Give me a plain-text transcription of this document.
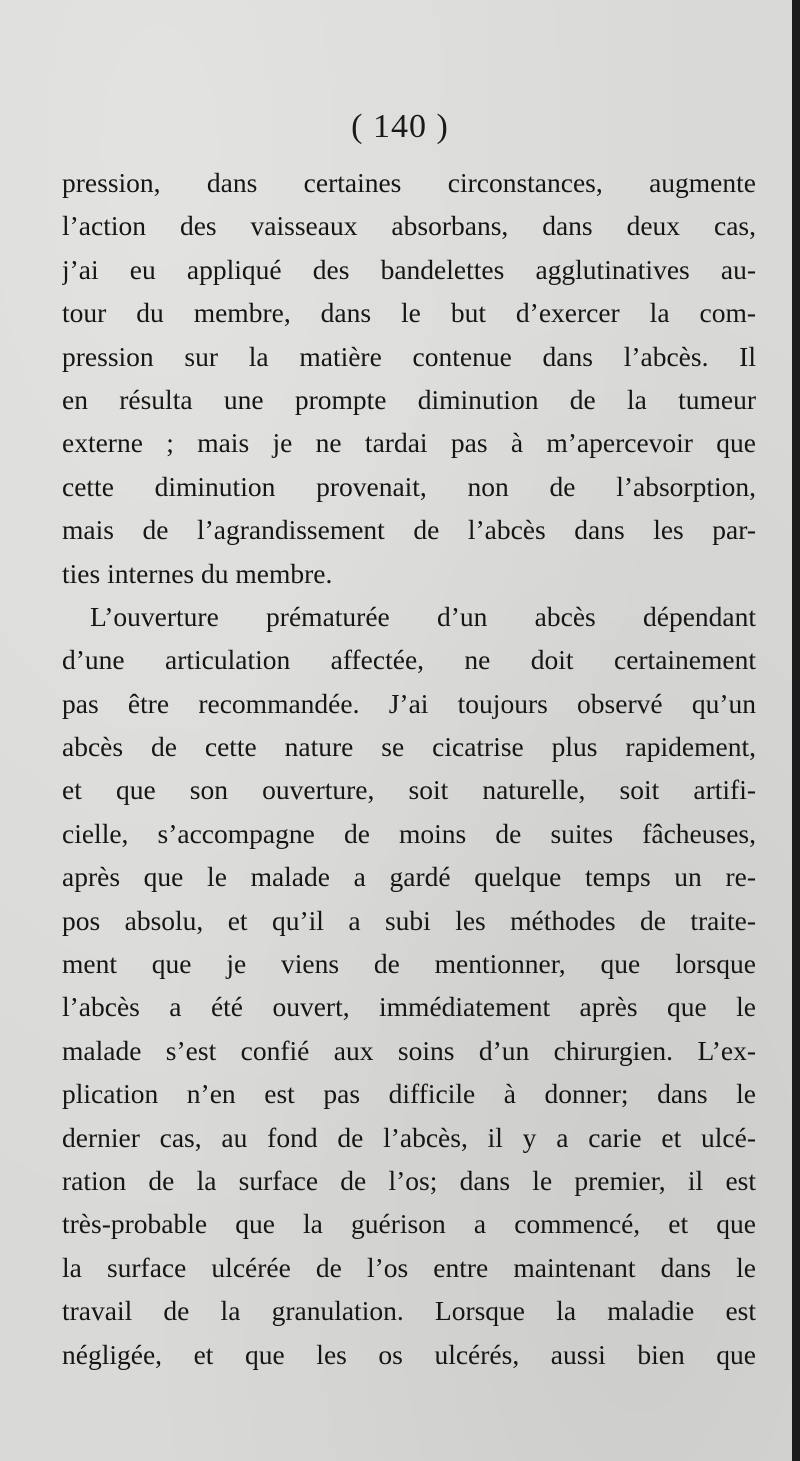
( 140 )
pression, dans certaines circonstances, augmente
l’action des vaisseaux absorbans, dans deux cas,
j’ai eu appliqué des bandelettes agglutinatives au-
tour du membre, dans le but d’exercer la com-
pression sur la matière contenue dans l’abcès. Il
en résulta une prompte diminution de la tumeur
externe ; mais je ne tardai pas à m’apercevoir que
cette diminution provenait, non de l’absorption,
mais de l’agrandissement de l’abcès dans les par-
ties internes du membre.
L’ouverture prématurée d’un abcès dépendant
d’une articulation affectée, ne doit certainement
pas être recommandée. J’ai toujours observé qu’un
abcès de cette nature se cicatrise plus rapidement,
et que son ouverture, soit naturelle, soit artifi-
cielle, s’accompagne de moins de suites fâcheuses,
après que le malade a gardé quelque temps un re-
pos absolu, et qu’il a subi les méthodes de traite-
ment que je viens de mentionner, que lorsque
l’abcès a été ouvert, immédiatement après que le
malade s’est confié aux soins d’un chirurgien. L’ex-
plication n’en est pas difficile à donner; dans le
dernier cas, au fond de l’abcès, il y a carie et ulcé-
ration de la surface de l’os; dans le premier, il est
très-probable que la guérison a commencé, et que
la surface ulcérée de l’os entre maintenant dans le
travail de la granulation. Lorsque la maladie est
négligée, et que les os ulcérés, aussi bien que
